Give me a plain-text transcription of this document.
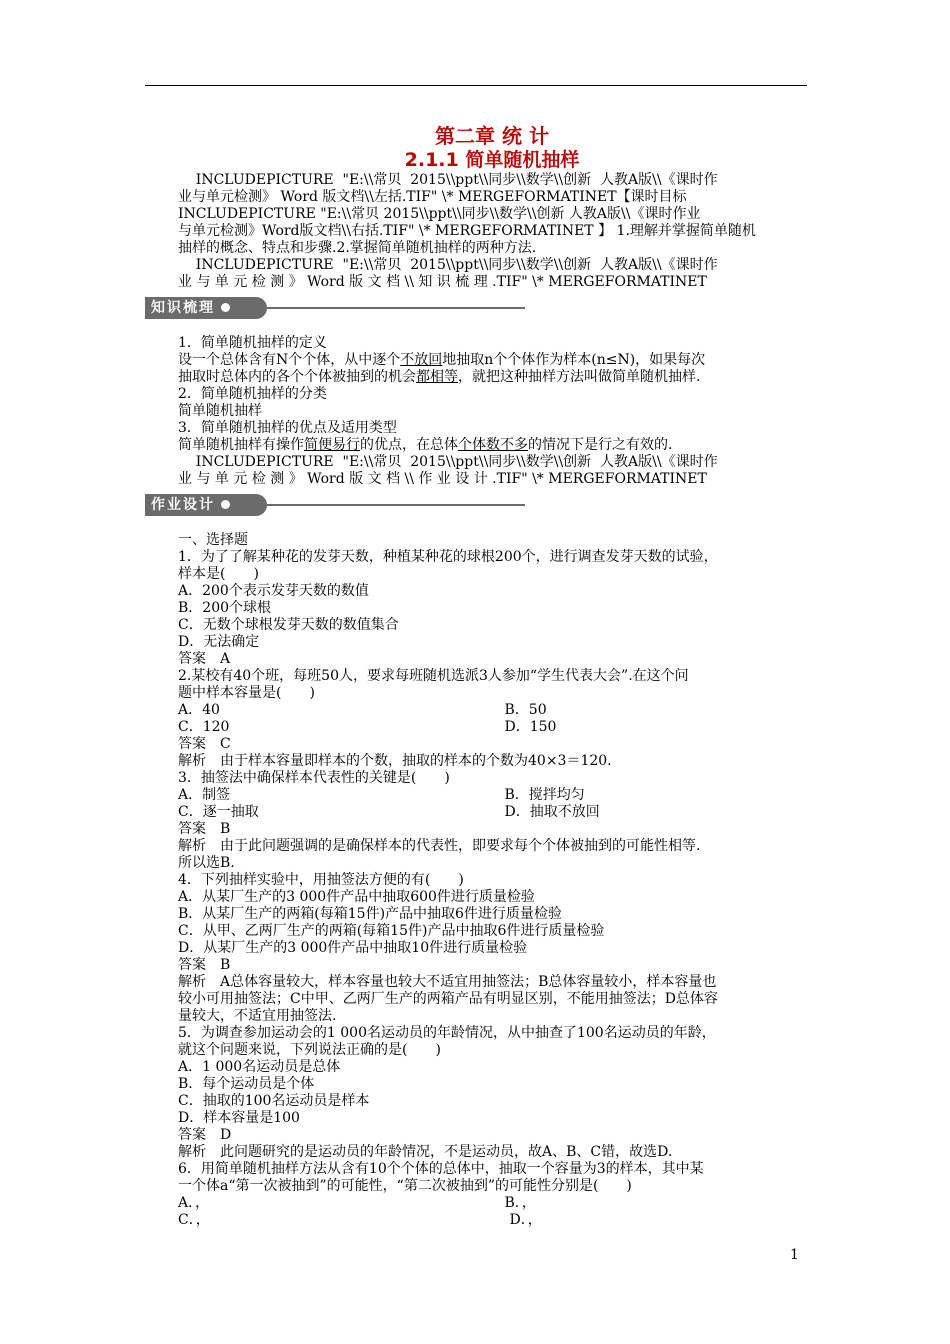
第二章 统 计
2.1.1 简单随机抽样

INCLUDEPICTURE  "E:\\常贝  2015\\ppt\\同步\\数学\\创新  人教A版\\《课时作

业与单元检测》 Word 版文档\\左括.TIF" \* MERGEFORMATINET【课时目标

INCLUDEPICTURE "E:\\常贝 2015\\ppt\\同步\\数学\\创新 人教A版\\《课时作业

与单元检测》Word版文档\\右括.TIF" \* MERGEFORMATINET 】 1.理解并掌握简单随机

抽样的概念、特点和步骤.2.掌握简单随机抽样的两种方法.

INCLUDEPICTURE  "E:\\常贝  2015\\ppt\\同步\\数学\\创新  人教A版\\《课时作

业 与 单 元 检 测 》 Word 版 文 档 \\ 知 识 梳 理 .TIF" \* MERGEFORMATINET

知识梳理

1．简单随机抽样的定义

设一个总体含有N个个体，从中逐个不放回地抽取n个个体作为样本(n≤N)，如果每次

抽取时总体内的各个个体被抽到的机会都相等，就把这种抽样方法叫做简单随机抽样.

2．简单随机抽样的分类

简单随机抽样

3．简单随机抽样的优点及适用类型

简单随机抽样有操作简便易行的优点，在总体个体数不多的情况下是行之有效的.

INCLUDEPICTURE  "E:\\常贝  2015\\ppt\\同步\\数学\\创新  人教A版\\《课时作

业 与 单 元 检 测 》 Word 版 文 档 \\ 作 业 设 计 .TIF" \* MERGEFORMATINET

作业设计

一、选择题

1．为了了解某种花的发芽天数，种植某种花的球根200个，进行调查发芽天数的试验，

样本是(　　)

A．200个表示发芽天数的数值

B．200个球根

C．无数个球根发芽天数的数值集合

D．无法确定

答案　A

2.某校有40个班，每班50人，要求每班随机选派3人参加“学生代表大会”.在这个问

题中样本容量是(　　)

A．40	B．50
C．120	D．150

答案　C

解析　由于样本容量即样本的个数，抽取的样本的个数为40×3＝120.

3．抽签法中确保样本代表性的关键是(　　)

A．制签	B．搅拌均匀
C．逐一抽取	D．抽取不放回

答案　B

解析　由于此问题强调的是确保样本的代表性，即要求每个个体被抽到的可能性相等.

所以选B.

4．下列抽样实验中，用抽签法方便的有(　　)

A．从某厂生产的3 000件产品中抽取600件进行质量检验

B．从某厂生产的两箱(每箱15件)产品中抽取6件进行质量检验

C．从甲、乙两厂生产的两箱(每箱15件)产品中抽取6件进行质量检验

D．从某厂生产的3 000件产品中抽取10件进行质量检验

答案　B

解析　A总体容量较大，样本容量也较大不适宜用抽签法；B总体容量较小，样本容量也

较小可用抽签法；C中甲、乙两厂生产的两箱产品有明显区别，不能用抽签法；D总体容

量较大，不适宜用抽签法.

5．为调查参加运动会的1 000名运动员的年龄情况，从中抽查了100名运动员的年龄，

就这个问题来说，下列说法正确的是(　　)

A．1 000名运动员是总体

B．每个运动员是个体

C．抽取的100名运动员是样本

D．样本容量是100

答案　D

解析　此问题研究的是运动员的年龄情况，不是运动员，故A、B、C错，故选D.

6．用简单随机抽样方法从含有10个个体的总体中，抽取一个容量为3的样本，其中某

一个体a“第一次被抽到”的可能性，“第二次被抽到”的可能性分别是(　　)

A．，	B．，
C．，	D．，
1
